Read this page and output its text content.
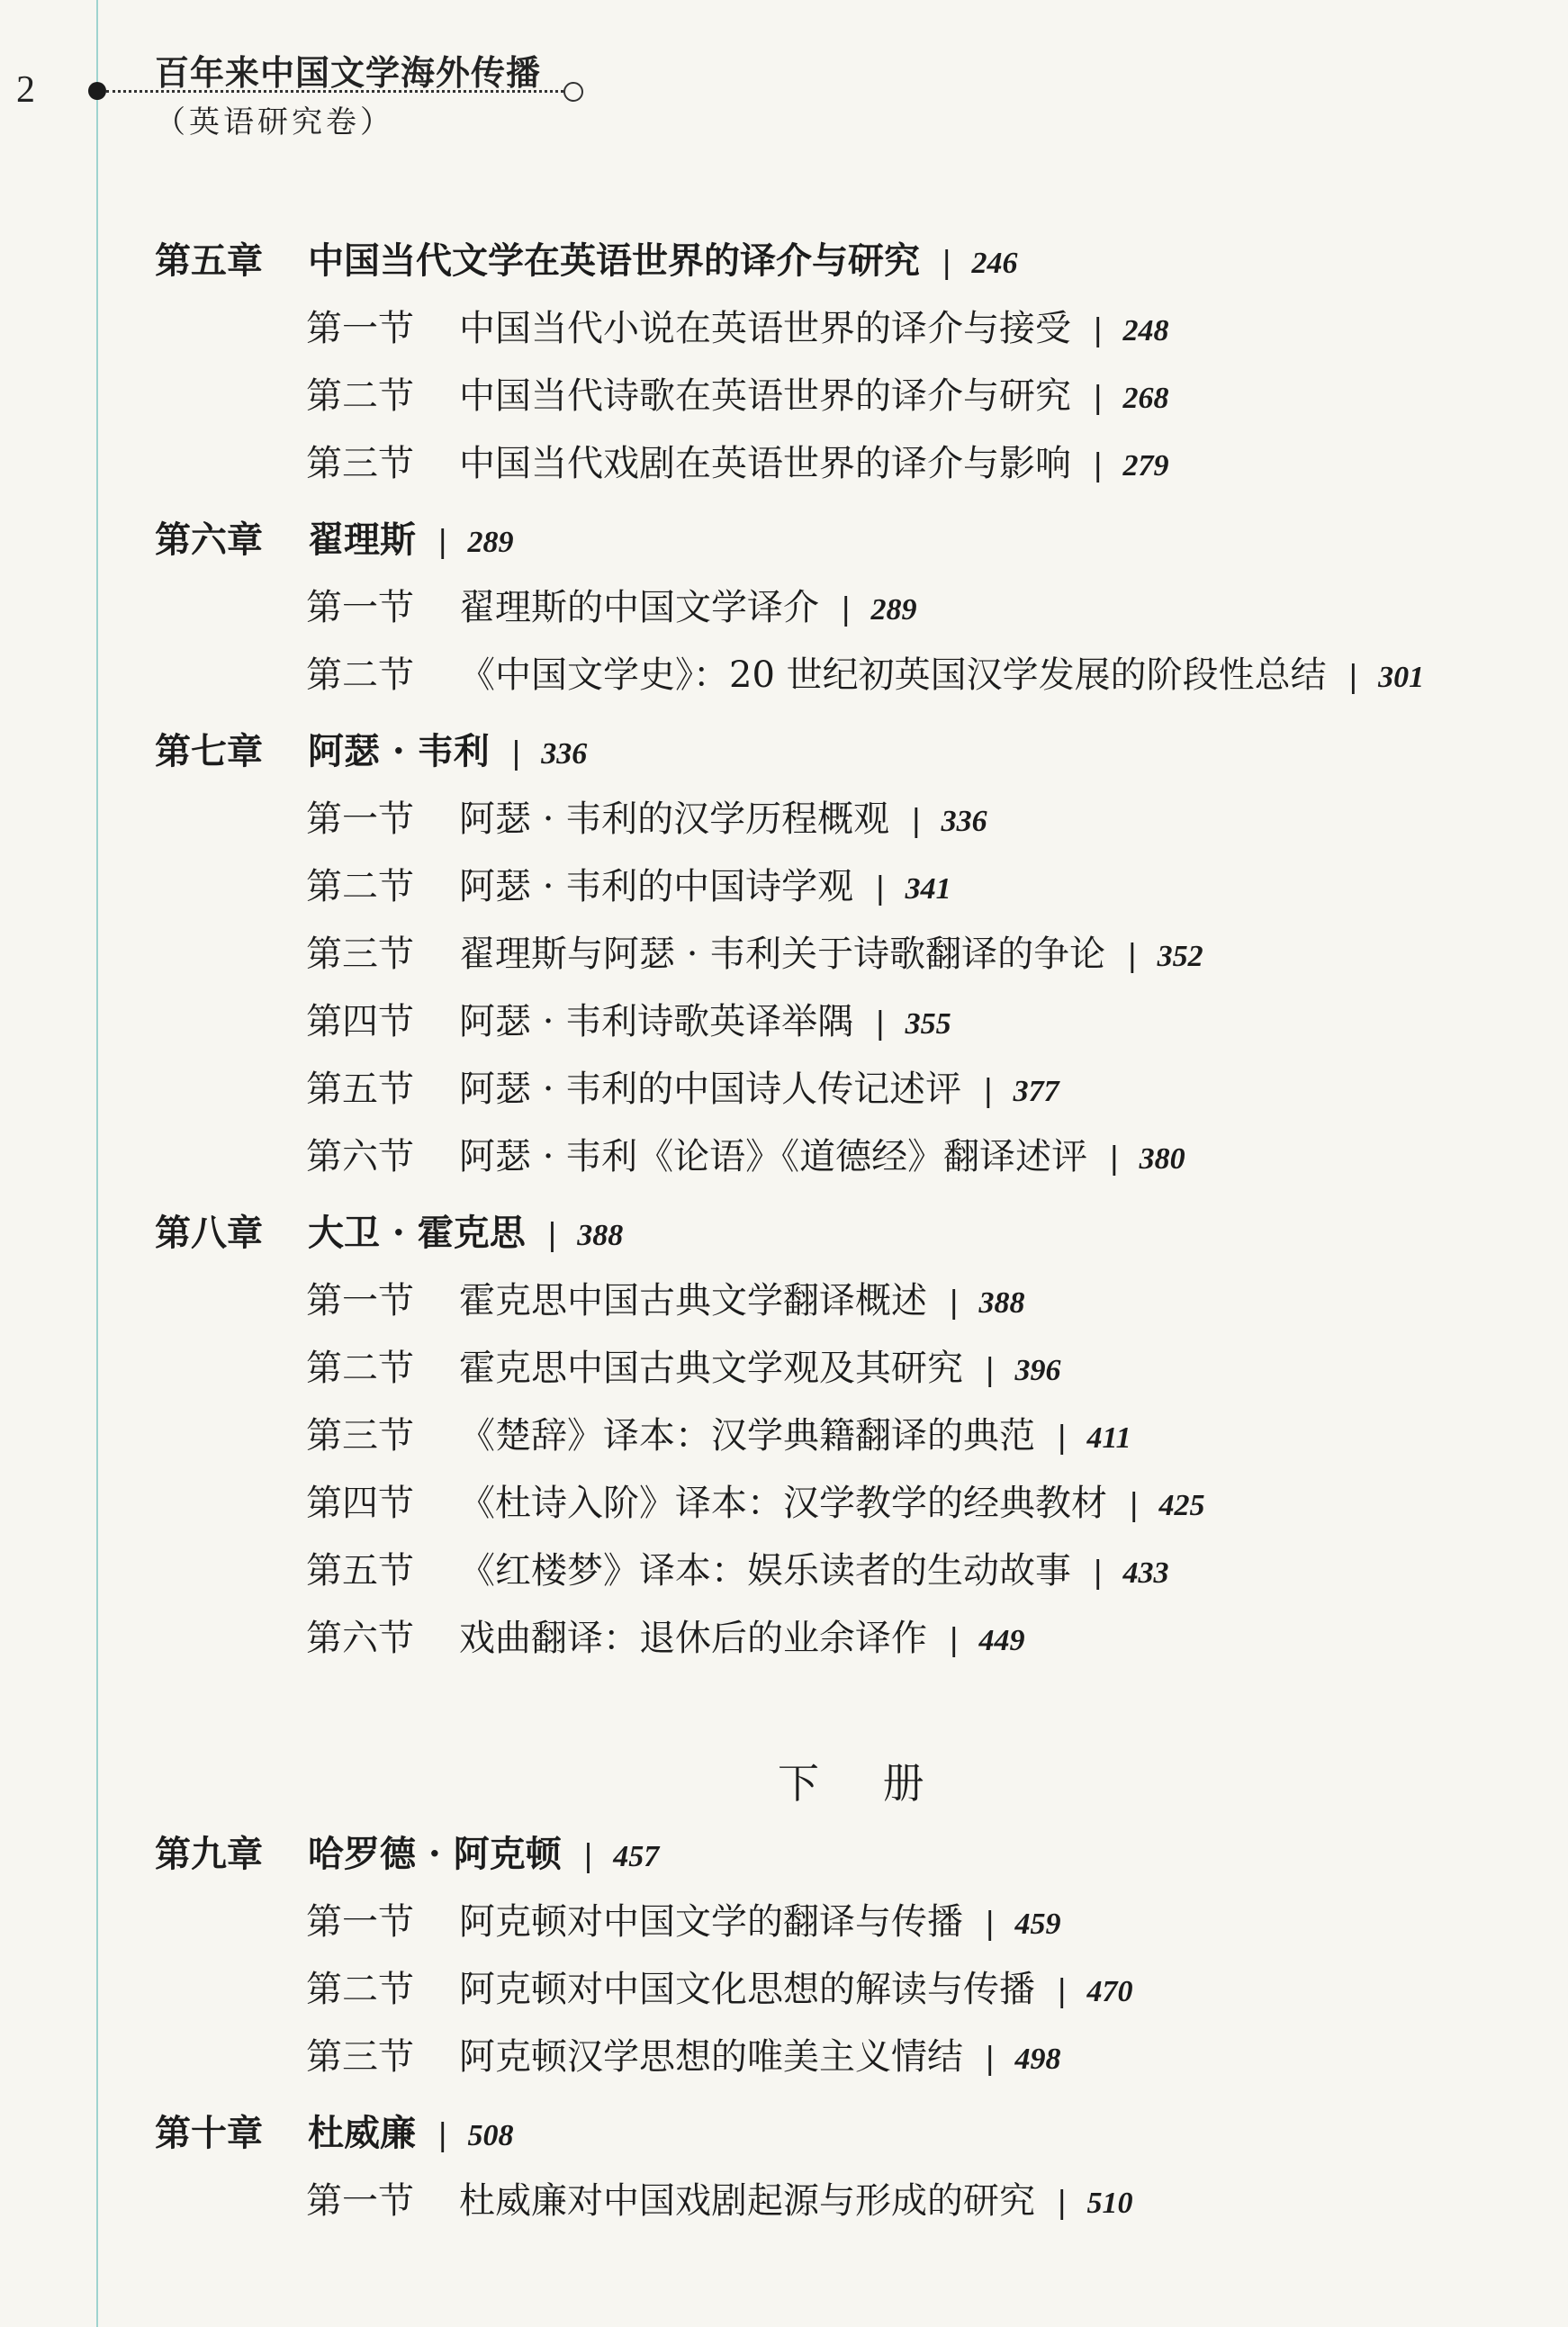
2	百年来中国文学海外传播
（英语研究卷）
第五章 中国当代文学在英语世界的译介与研究 | 246
第一节 中国当代小说在英语世界的译介与接受 | 248
第二节 中国当代诗歌在英语世界的译介与研究 | 268
第三节 中国当代戏剧在英语世界的译介与影响 | 279
第六章 翟理斯 | 289
第一节 翟理斯的中国文学译介 | 289
第二节 《中国文学史》：20 世纪初英国汉学发展的阶段性总结 | 301
第七章 阿瑟 · 韦利 | 336
第一节 阿瑟 · 韦利的汉学历程概观 | 336
第二节 阿瑟 · 韦利的中国诗学观 | 341
第三节 翟理斯与阿瑟 · 韦利关于诗歌翻译的争论 | 352
第四节 阿瑟 · 韦利诗歌英译举隅 | 355
第五节 阿瑟 · 韦利的中国诗人传记述评 | 377
第六节 阿瑟 · 韦利《论语》《道德经》翻译述评 | 380
第八章 大卫 · 霍克思 | 388
第一节 霍克思中国古典文学翻译概述 | 388
第二节 霍克思中国古典文学观及其研究 | 396
第三节 《楚辞》译本：汉学典籍翻译的典范 | 411
第四节 《杜诗入阶》译本：汉学教学的经典教材 | 425
第五节 《红楼梦》译本：娱乐读者的生动故事 | 433
第六节 戏曲翻译：退休后的业余译作 | 449
第九章 哈罗德 · 阿克顿 | 457
第一节 阿克顿对中国文学的翻译与传播 | 459
第二节 阿克顿对中国文化思想的解读与传播 | 470
第三节 阿克顿汉学思想的唯美主义情结 | 498
第十章 杜威廉 | 508
第一节 杜威廉对中国戏剧起源与形成的研究 | 510
下 册
